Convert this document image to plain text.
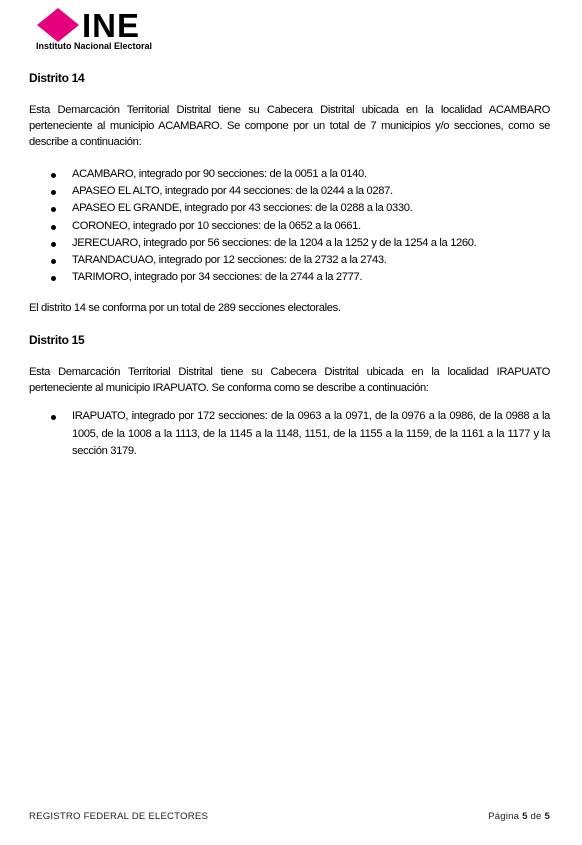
INE
Instituto Nacional Electoral
Distrito 14

Esta Demarcación Territorial Distrital tiene su Cabecera Distrital ubicada en la localidad ACAMBARO perteneciente al municipio ACAMBARO. Se compone por un total de 7 municipios y/o secciones, como se describe a continuación:

ACAMBARO, integrado por 90 secciones: de la 0051 a la 0140.
APASEO EL ALTO, integrado por 44 secciones: de la 0244 a la 0287.
APASEO EL GRANDE, integrado por 43 secciones: de la 0288 a la 0330.
CORONEO, integrado por 10 secciones: de la 0652 a la 0661.
JERECUARO, integrado por 56 secciones: de la 1204 a la 1252 y de la 1254 a la 1260.
TARANDACUAO, integrado por 12 secciones: de la 2732 a la 2743.
TARIMORO, integrado por 34 secciones: de la 2744 a la 2777.

El distrito 14 se conforma por un total de 289 secciones electorales.

Distrito 15

Esta Demarcación Territorial Distrital tiene su Cabecera Distrital ubicada en la localidad IRAPUATO perteneciente al municipio IRAPUATO. Se conforma como se describe a continuación:

IRAPUATO, integrado por 172 secciones: de la 0963 a la 0971, de la 0976 a la 0986, de la 0988 a la 1005, de la 1008 a la 1113, de la 1145 a la 1148, 1151, de la 1155 a la 1159, de la 1161 a la 1177 y la sección 3179.
REGISTRO FEDERAL DE ELECTORES	Página 5 de 5
